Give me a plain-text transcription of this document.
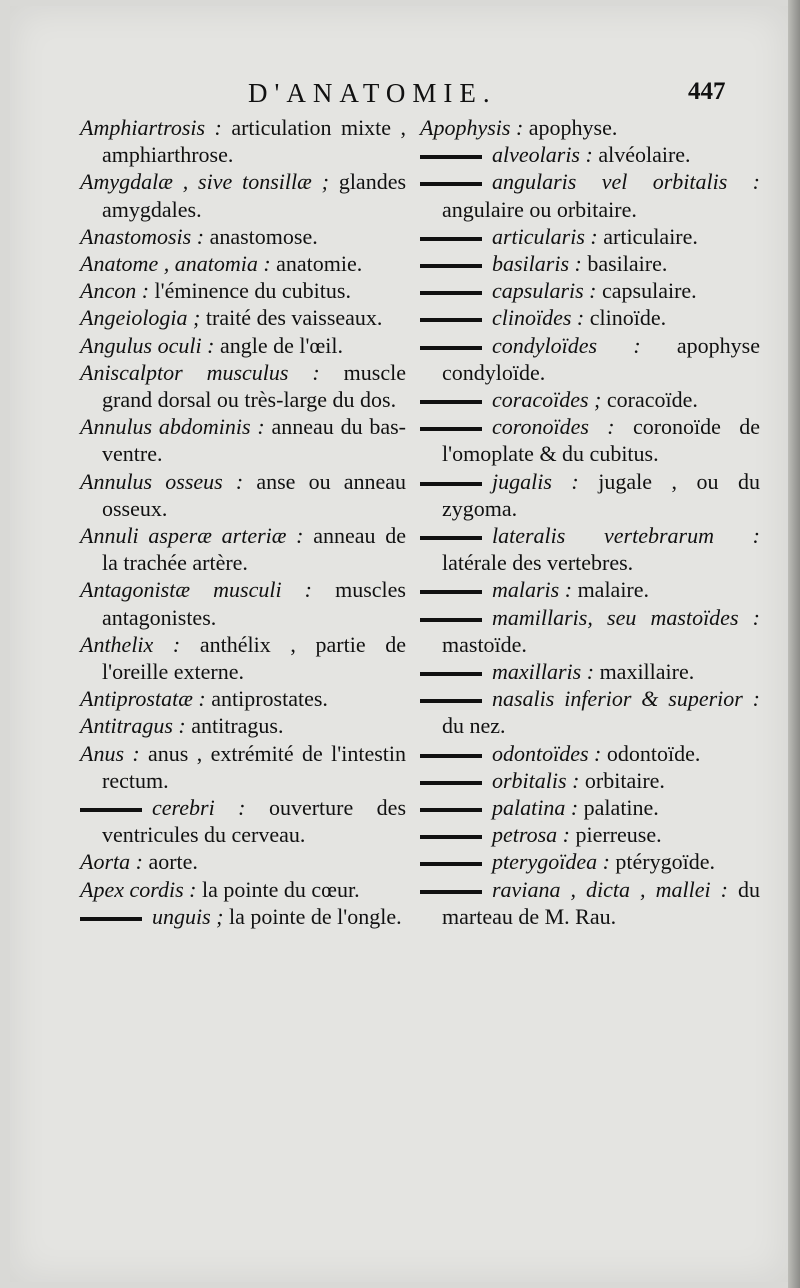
D'ANATOMIE.	447

Amphiartrosis : articulation mixte , amphiarthrose.

Amygdalæ , sive tonsillæ ; glandes amygdales.

Anastomosis : anastomose.

Anatome , anatomia : anatomie.

Ancon : l'éminence du cubitus.

Angeiologia ; traité des vaisseaux.

Angulus oculi : angle de l'œil.

Aniscalptor musculus : muscle grand dorsal ou très-large du dos.

Annulus abdominis : anneau du bas-ventre.

Annulus osseus : anse ou anneau osseux.

Annuli asperæ arteriæ : anneau de la trachée artère.

Antagonistæ musculi : muscles antagonistes.

Anthelix : anthélix , partie de l'oreille externe.

Antiprostatæ : antiprostates.

Antitragus : antitragus.

Anus : anus , extrémité de l'intestin rectum.

cerebri : ouverture des ventricules du cerveau.

Aorta : aorte.

Apex cordis : la pointe du cœur.

unguis ; la pointe de l'ongle.

Apophysis : apophyse.

alveolaris : alvéolaire.

angularis vel orbitalis : angulaire ou orbitaire.

articularis : articulaire.

basilaris : basilaire.

capsularis : capsulaire.

clinoïdes : clinoïde.

condyloïdes : apophyse condyloïde.

coracoïdes ; coracoïde.

coronoïdes : coronoïde de l'omoplate & du cubitus.

jugalis : jugale , ou du zygoma.

lateralis vertebrarum : latérale des vertebres.

malaris : malaire.

mamillaris, seu mastoïdes : mastoïde.

maxillaris : maxillaire.

nasalis inferior & superior : du nez.

odontoïdes : odontoïde.

orbitalis : orbitaire.

palatina : palatine.

petrosa : pierreuse.

pterygoïdea : ptérygoïde.

raviana , dicta , mallei : du marteau de M. Rau.
